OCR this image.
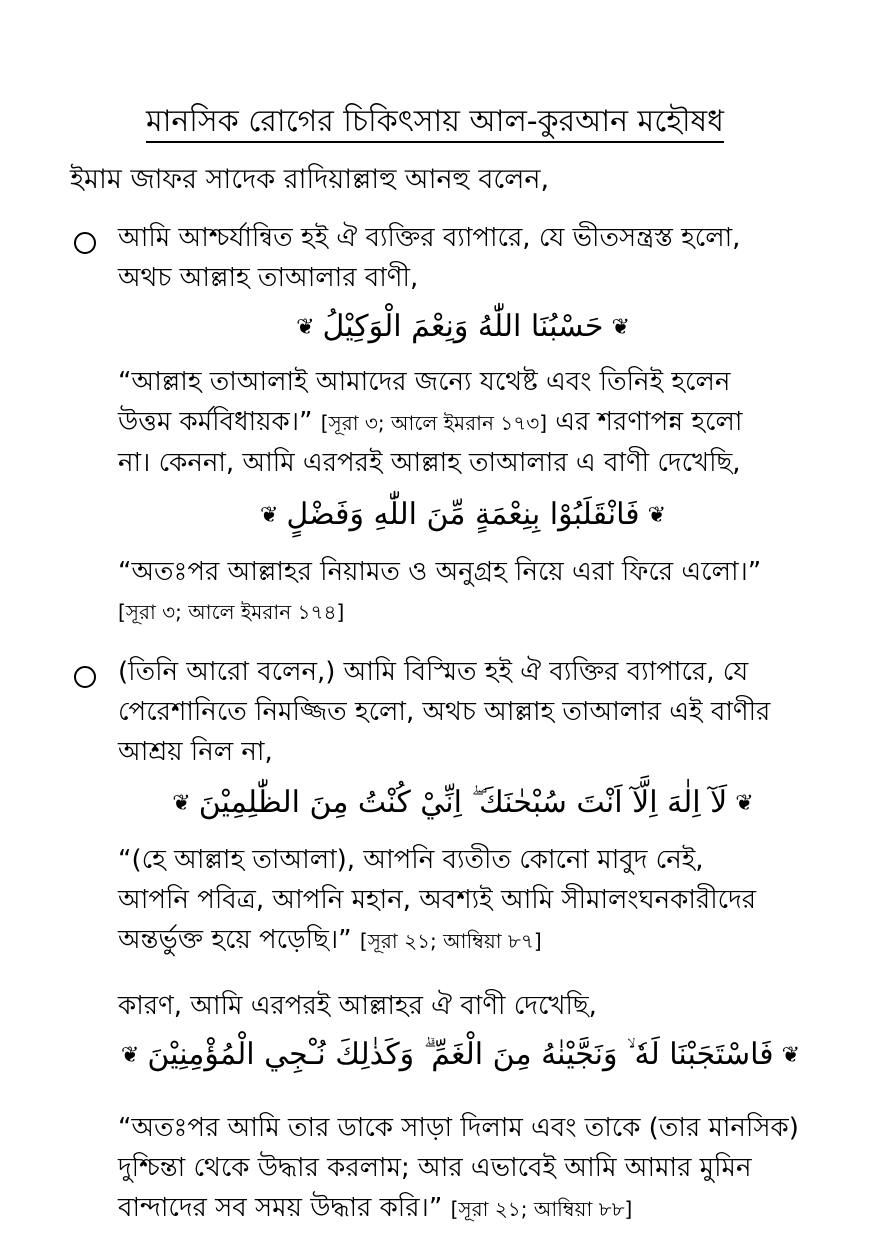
মানসিক রোগের চিকিৎসায় আল-কুরআন মহৌষধ
ইমাম জাফর সাদেক রাদিয়াল্লাহু আনহু বলেন,
আমি আশ্চর্যান্বিত হই ঐ ব্যক্তির ব্যাপারে, যে ভীতসন্ত্রস্ত হলো,
অথচ আল্লাহ তাআলার বাণী,
❦حَسْبُنَا اللّٰهُ وَنِعْمَ الْوَكِيْلُ❦
“আল্লাহ তাআলাই আমাদের জন্যে যথেষ্ট এবং তিনিই হলেন
উত্তম কর্মবিধায়ক।” [সূরা ৩; আলে ইমরান ১৭৩] এর শরণাপন্ন হলো
না। কেননা, আমি এরপরই আল্লাহ তাআলার এ বাণী দেখেছি,
❦فَانْقَلَبُوْا بِنِعْمَةٍ مِّنَ اللّٰهِ وَفَضْلٍ❦
“অতঃপর আল্লাহর নিয়ামত ও অনুগ্রহ নিয়ে এরা ফিরে এলো।”
[সূরা ৩; আলে ইমরান ১৭৪]
(তিনি আরো বলেন,) আমি বিস্মিত হই ঐ ব্যক্তির ব্যাপারে, যে
পেরেশানিতে নিমজ্জিত হলো, অথচ আল্লাহ তাআলার এই বাণীর
আশ্রয় নিল না,
❦لَآ اِلٰهَ اِلَّآ اَنْتَ سُبْحٰنَكَ ۖ اِنِّيْ كُنْتُ مِنَ الظّٰلِمِيْنَ❦
“(হে আল্লাহ তাআলা), আপনি ব্যতীত কোনো মাবুদ নেই,
আপনি পবিত্র, আপনি মহান, অবশ্যই আমি সীমালংঘনকারীদের
অন্তর্ভুক্ত হয়ে পড়েছি।” [সূরা ২১; আম্বিয়া ৮৭]
কারণ, আমি এরপরই আল্লাহর ঐ বাণী দেখেছি,
❦فَاسْتَجَبْنَا لَهٗ ۙ وَنَجَّيْنٰهُ مِنَ الْغَمِّ ۗ وَكَذٰلِكَ نُـْجِي الْمُؤْمِنِيْنَ❦
“অতঃপর আমি তার ডাকে সাড়া দিলাম এবং তাকে (তার মানসিক)
দুশ্চিন্তা থেকে উদ্ধার করলাম; আর এভাবেই আমি আমার মুমিন
বান্দাদের সব সময় উদ্ধার করি।” [সূরা ২১; আম্বিয়া ৮৮]
